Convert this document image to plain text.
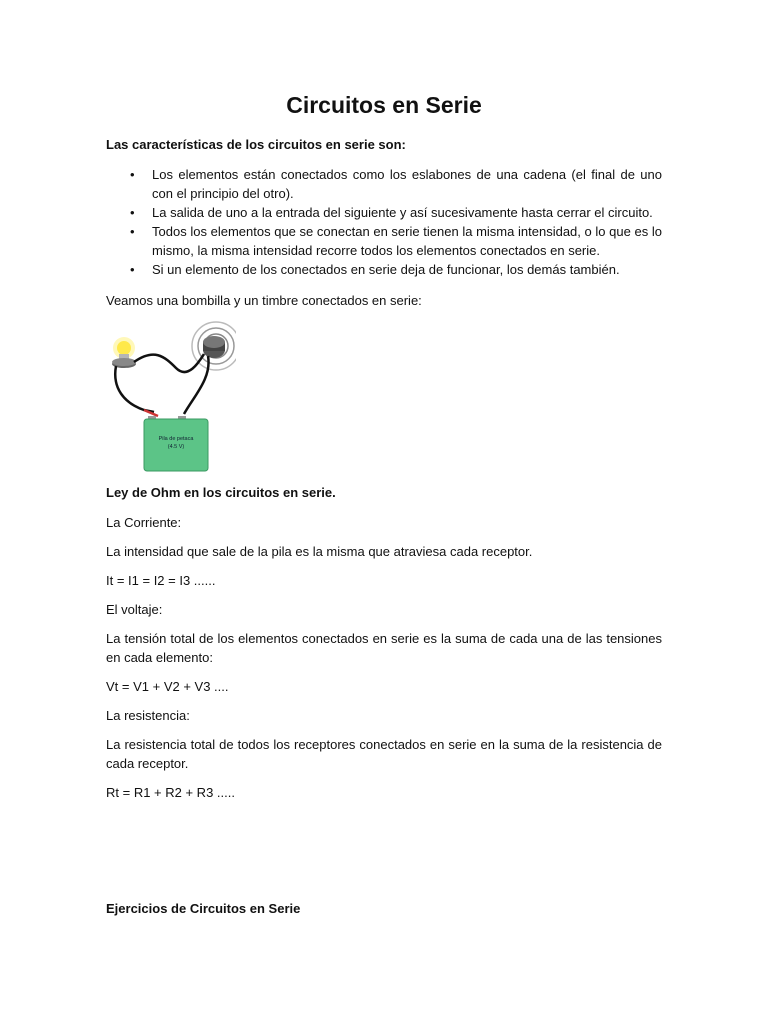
Circuitos en Serie

Las características de los circuitos en serie son:

• Los elementos están conectados como los eslabones de una cadena (el final de uno con el principio del otro).
• La salida de uno a la entrada del siguiente y así sucesivamente hasta cerrar el circuito.
• Todos los elementos que se conectan en serie tienen la misma intensidad, o lo que es lo mismo, la misma intensidad recorre todos los elementos conectados en serie.
• Si un elemento de los conectados en serie deja de funcionar, los demás también.

Veamos una bombilla y un timbre conectados en serie:

Pila de petaca
(4.5 V)

Ley de Ohm en los circuitos en serie.

La Corriente:

La intensidad que sale de la pila es la misma que atraviesa cada receptor.

It = I1 = I2 = I3 ......

El voltaje:

La tensión total de los elementos conectados en serie es la suma de cada una de las tensiones en cada elemento:

Vt = V1 + V2 + V3 ....

La resistencia:

La resistencia total de todos los receptores conectados en serie en la suma de la resistencia de cada receptor.

Rt = R1 + R2 + R3 .....

Ejercicios de Circuitos en Serie
